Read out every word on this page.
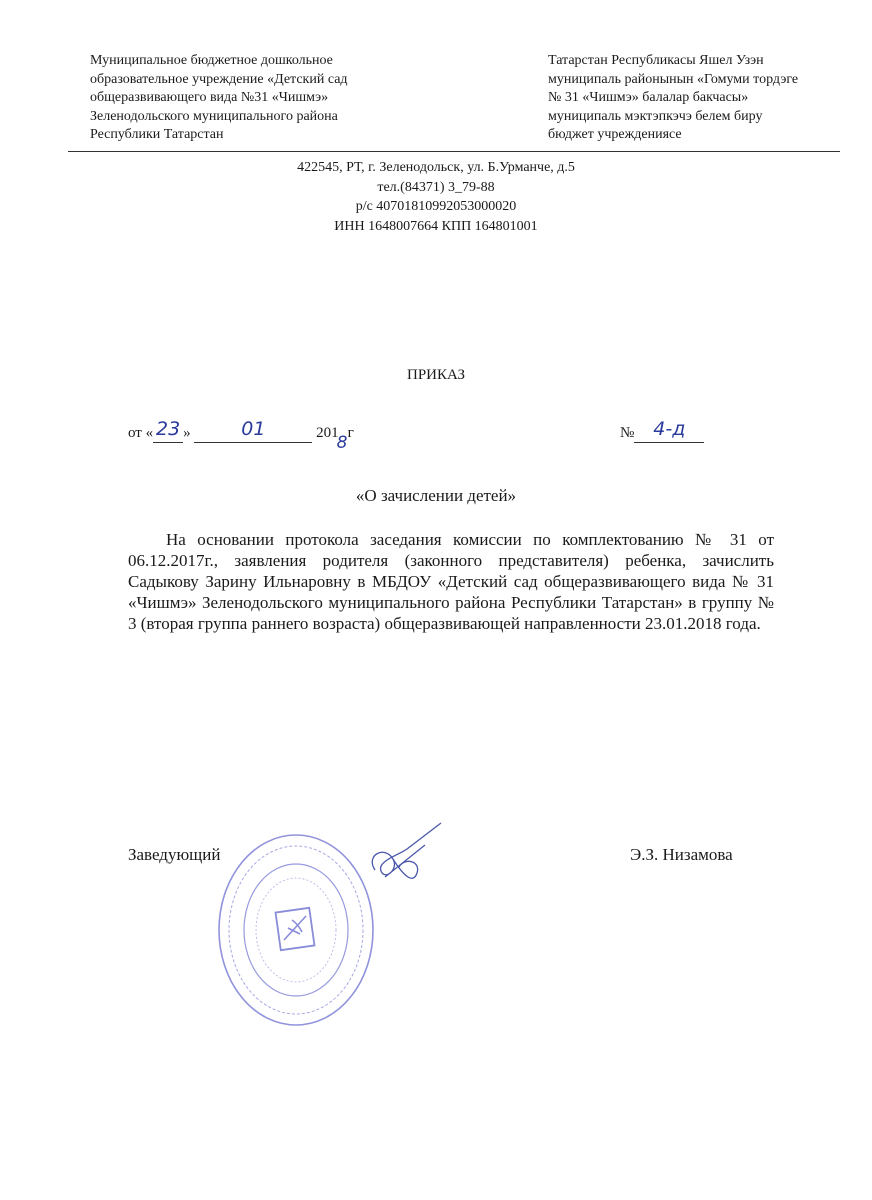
Муниципальное бюджетное дошкольное
образовательное учреждение «Детский сад
общеразвивающего вида №31 «Чишмэ»
Зеленодольского муниципального района
Республики Татарстан
Татарстан Республикасы Яшел Узэн
муниципаль районынын «Гомуми тордэге
№ 31 «Чишмэ» балалар бакчасы»
муниципаль мэктэпкэчэ белем биру
бюджет учреждениясе
422545, РТ, г. Зеленодольск, ул. Б.Урманче, д.5
тел.(84371) 3_79-88
р/с 40701810992053000020
ИНН 1648007664 КПП 164801001
ПРИКАЗ
от « 23 »	01	201
8 г	№ 4-д
«О зачислении детей»
На основании протокола заседания комиссии по комплектованию № 31 от 06.12.2017г., заявления родителя (законного представителя) ребенка, зачислить Садыкову Зарину Ильнаровну в МБДОУ «Детский сад общеразвивающего вида № 31 «Чишмэ» Зеленодольского муниципального района Республики Татарстан» в группу № 3 (вторая группа раннего возраста) общеразвивающей направленности 23.01.2018 года.
Заведующий	Э.З. Низамова
